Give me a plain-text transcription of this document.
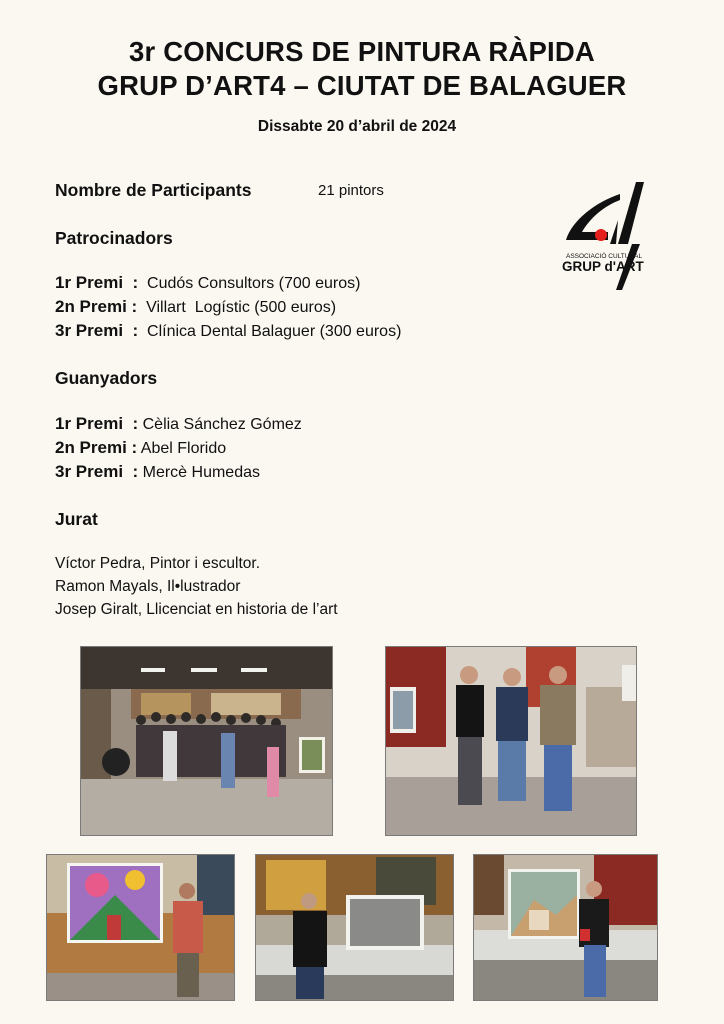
3r CONCURS DE PINTURA RÀPIDA
GRUP D’ART4 – CIUTAT DE BALAGUER
Dissabte 20 d’abril de 2024
Nombre de Participants	21 pintors
Patrocinadors
1r Premi  : Cudós Consultors (700 euros)
2n Premi : Villart  Logístic (500 euros)
3r Premi  : Clínica Dental Balaguer (300 euros)
Guanyadors
1r Premi  : Cèlia Sánchez Gómez
2n Premi : Abel Florido
3r Premi  : Mercè Humedas
Jurat
Víctor Pedra, Pintor i escultor.
Ramon Mayals, Il•lustrador
Josep Giralt, Llicenciat en historia de l’art
ASSOCIACIÓ CULTURAL
GRUP d'ART
